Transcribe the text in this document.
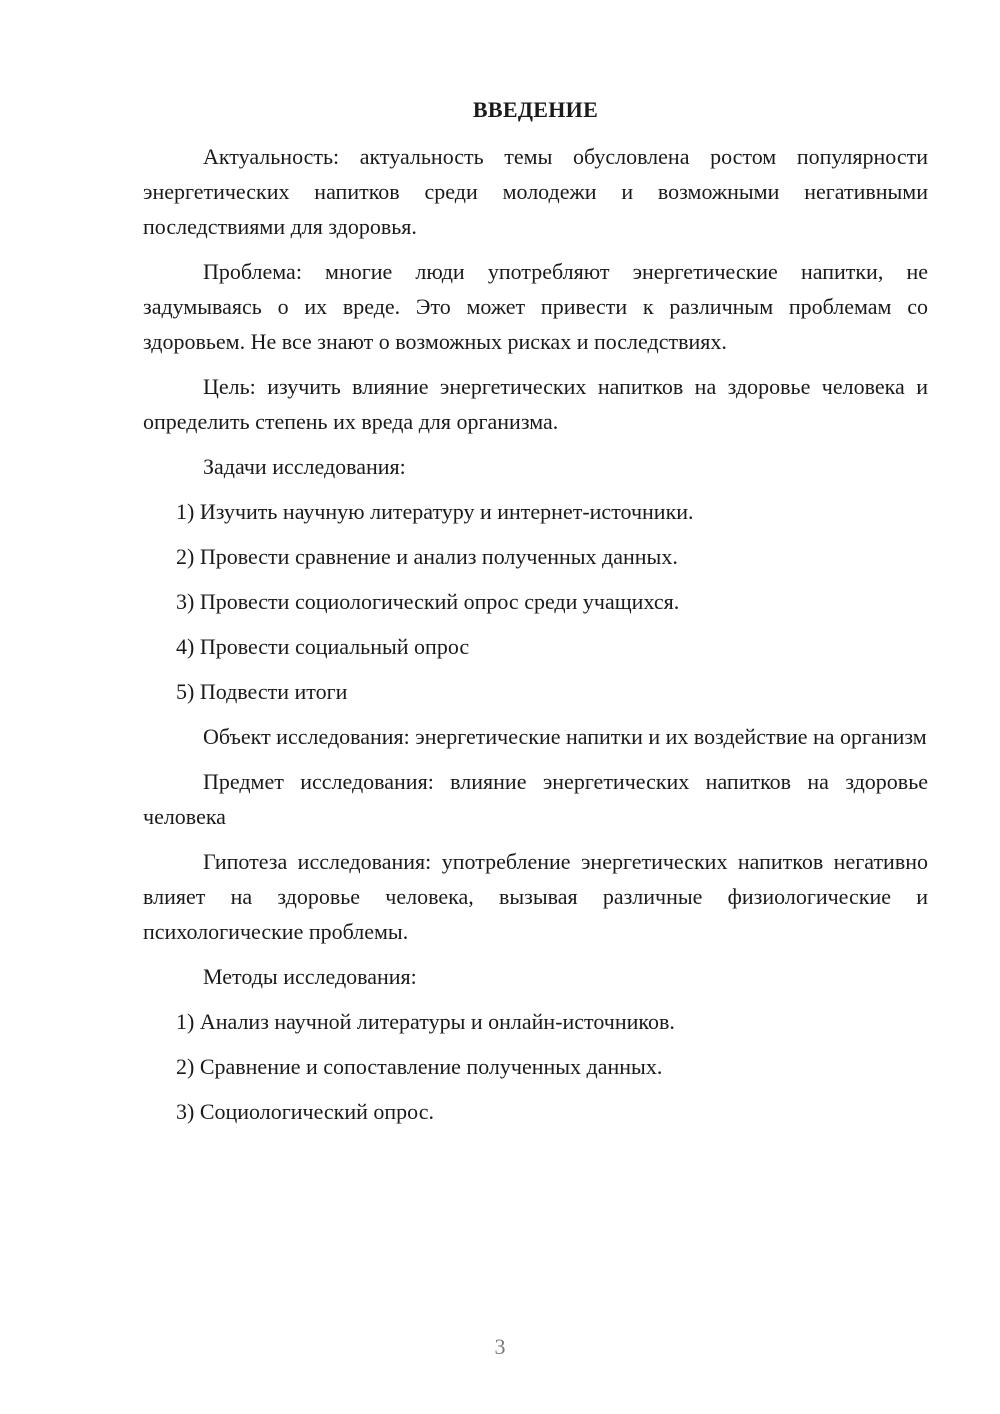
ВВЕДЕНИЕ

Актуальность: актуальность темы обусловлена ростом популярности энергетических напитков среди молодежи и возможными негативными последствиями для здоровья.

Проблема: многие люди употребляют энергетические напитки, не задумываясь о их вреде. Это может привести к различным проблемам со здоровьем. Не все знают о возможных рисках и последствиях.

Цель: изучить влияние энергетических напитков на здоровье человека и определить степень их вреда для организма.

Задачи исследования:

1) Изучить научную литературу и интернет-источники.
2) Провести сравнение и анализ полученных данных.
3) Провести социологический опрос среди учащихся.
4) Провести социальный опрос
5) Подвести итоги

Объект исследования: энергетические напитки и их воздействие на организм

Предмет исследования: влияние энергетических напитков на здоровье человека

Гипотеза исследования: употребление энергетических напитков негативно влияет на здоровье человека, вызывая различные физиологические и психологические проблемы.

Методы исследования:

1) Анализ научной литературы и онлайн-источников.
2) Сравнение и сопоставление полученных данных.
3) Социологический опрос.
3
